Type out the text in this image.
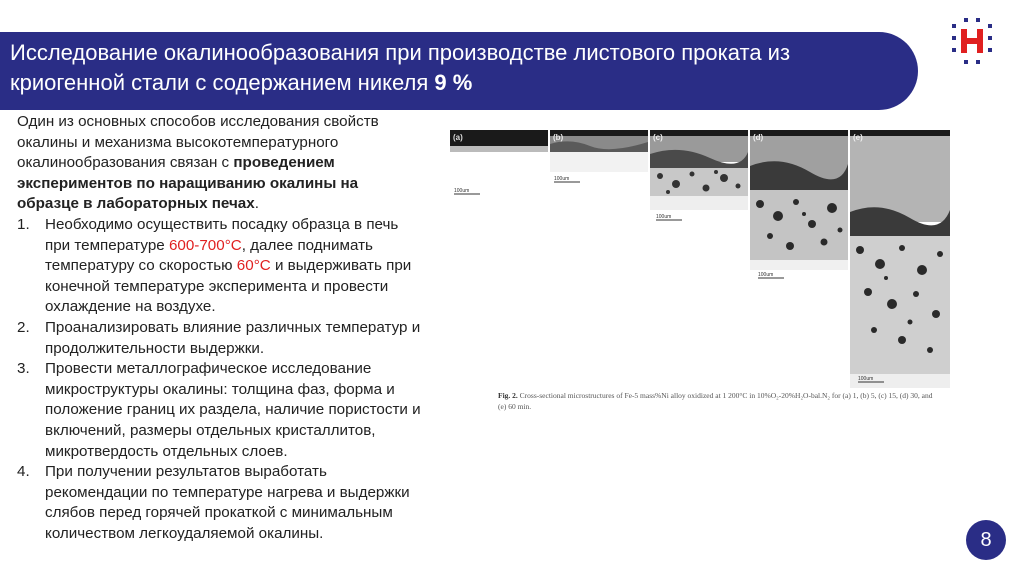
Исследование окалинообразования при производстве листового проката из
криогенной стали с содержанием никеля 9 %

Один из основных способов исследования свойств окалины и механизма высокотемпературного окалинообразования связан с проведением экспериментов по наращиванию окалины на образце в лабораторных печах.

1. Необходимо осуществить посадку образца в печь при температуре 600-700°C, далее поднимать температуру со скоростью 60°C и выдерживать при конечной температуре эксперимента и провести охлаждение на воздухе.
2. Проанализировать влияние различных температур и продолжительности выдержки.
3. Провести металлографическое исследование микроструктуры окалины: толщина фаз, форма и положение границ их раздела, наличие пористости и включений, размеры отдельных кристаллитов, микротвердость отдельных слоев.
4. При получении результатов выработать рекомендации по температуре нагрева и выдержки слябов перед горячей прокаткой с минимальным количеством легкоудаляемой окалины.
(a)
100um
(b)
100um
(c)
100um
(d)
100um
(e)
100um
Fig. 2. Cross-sectional microstructures of Fe-5 mass%Ni alloy oxidized at 1 200°C in 10%O₂-20%H₂O-bal.N₂ for (a) 1, (b) 5, (c) 15, (d) 30, and (e) 60 min.
8
